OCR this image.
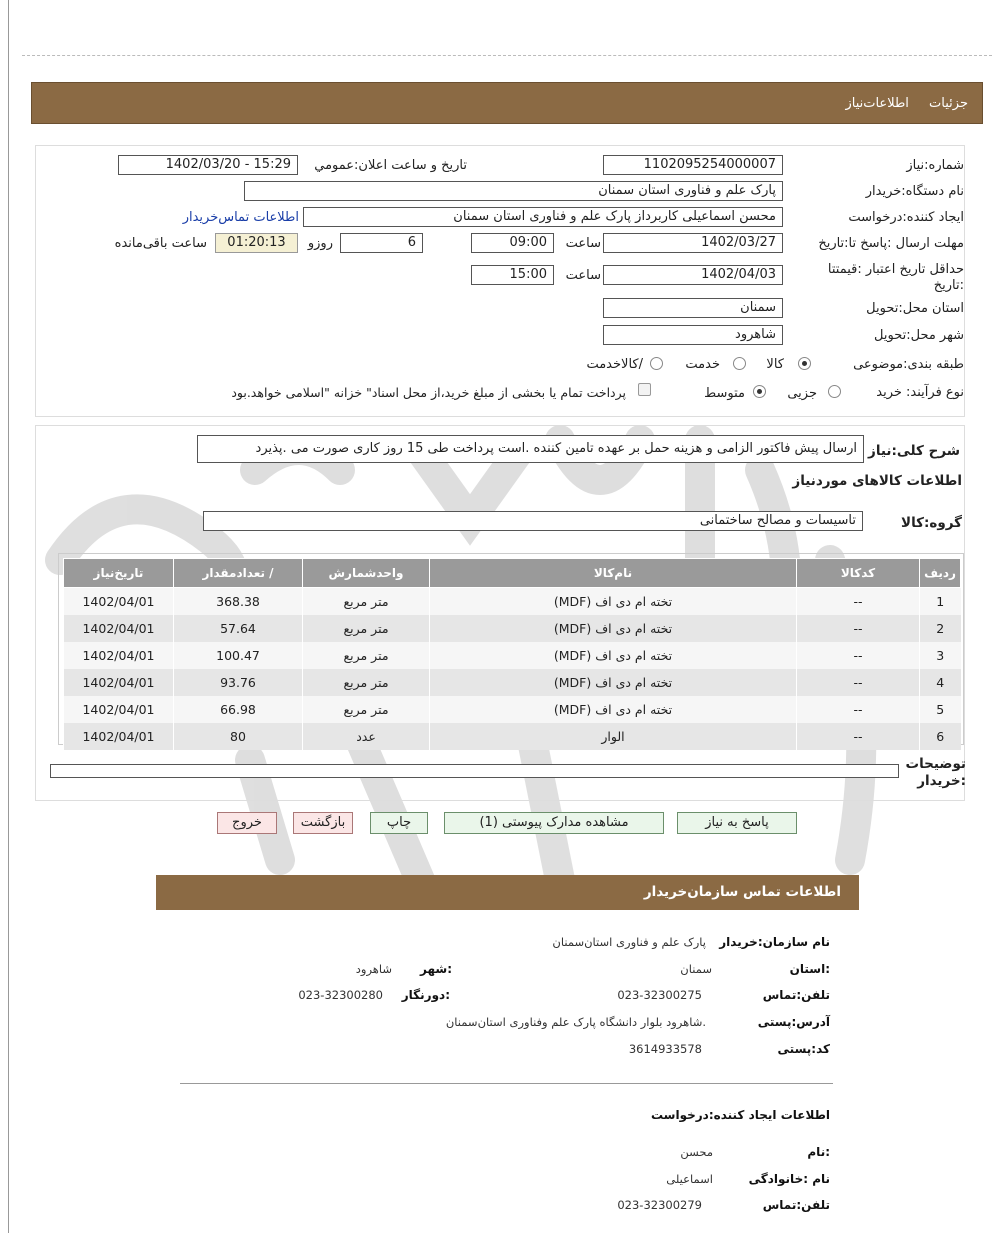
جزئیات اطلاعات‌نیاز
شماره:نیاز
1102095254000007
تاریخ و ساعت اعلان:عمومي
1402/03/20 - 15:29
نام دستگاه:خریدار
پارک علم و فناوری استان سمنان
ایجاد کننده:درخواست
محسن اسماعیلی کاربرداز پارک علم و فناوری استان سمنان
اطلاعات تماس‌خریدار
مهلت ارسال :پاسخ تا:تاریخ
1402/03/27
ساعت
09:00
6
روزو
01:20:13
ساعت باقی‌مانده
حداقل تاریخ اعتبار :قیمتتا
:تاریخ
1402/04/03
ساعت
15:00
استان محل:تحویل
سمنان
شهر محل:تحویل
شاهرود
طبقه بندی:موضوعی
کالا
خدمت
/کالاخدمت
نوع فرآیند: خرید
جزیی
متوسط
پرداخت تمام یا بخشی از مبلغ خرید،از محل اسناد" خزانه "اسلامی خواهد.بود
شرح کلی:نیاز
ارسال پیش فاکتور الزامی و هزینه حمل بر عهده تامین کننده .است پرداخت طی 15 روز کاری صورت می .پذیرد
اطلاعات کالاهای موردنیاز
گروه:کالا
تاسیسات و مصالح ساختمانی
ردیف	کدکالا	نام‌کالا	واحدشمارش	/ تعدادمقدار	تاریخ‌نیاز
1	--	تخته ام دی اف (MDF)	متر مربع	368.38	1402/04/01
2	--	تخته ام دی اف (MDF)	متر مربع	57.64	1402/04/01
3	--	تخته ام دی اف (MDF)	متر مربع	100.47	1402/04/01
4	--	تخته ام دی اف (MDF)	متر مربع	93.76	1402/04/01
5	--	تخته ام دی اف (MDF)	متر مربع	66.98	1402/04/01
6	--	الوار	عدد	80	1402/04/01
توضیحات
:خریدار
پاسخ به نیاز
مشاهده مدارک پیوستی (1)
چاپ
بازگشت
خروج
اطلاعات تماس سازمان‌خریدار
نام سازمان:خریدار
پارک علم و فناوری استان‌سمنان
:استان
سمنان
:شهر
شاهرود
تلفن:تماس
023-32300275
:دورنگار
023-32300280
آدرس:پستی
.شاهرود بلوار دانشگاه پارک علم وفناوری استان‌سمنان
کد:پستی
3614933578
اطلاعات ایجاد کننده:درخواست
:نام
محسن
نام :خانوادگی
اسماعیلی
تلفن:تماس
023-32300279
